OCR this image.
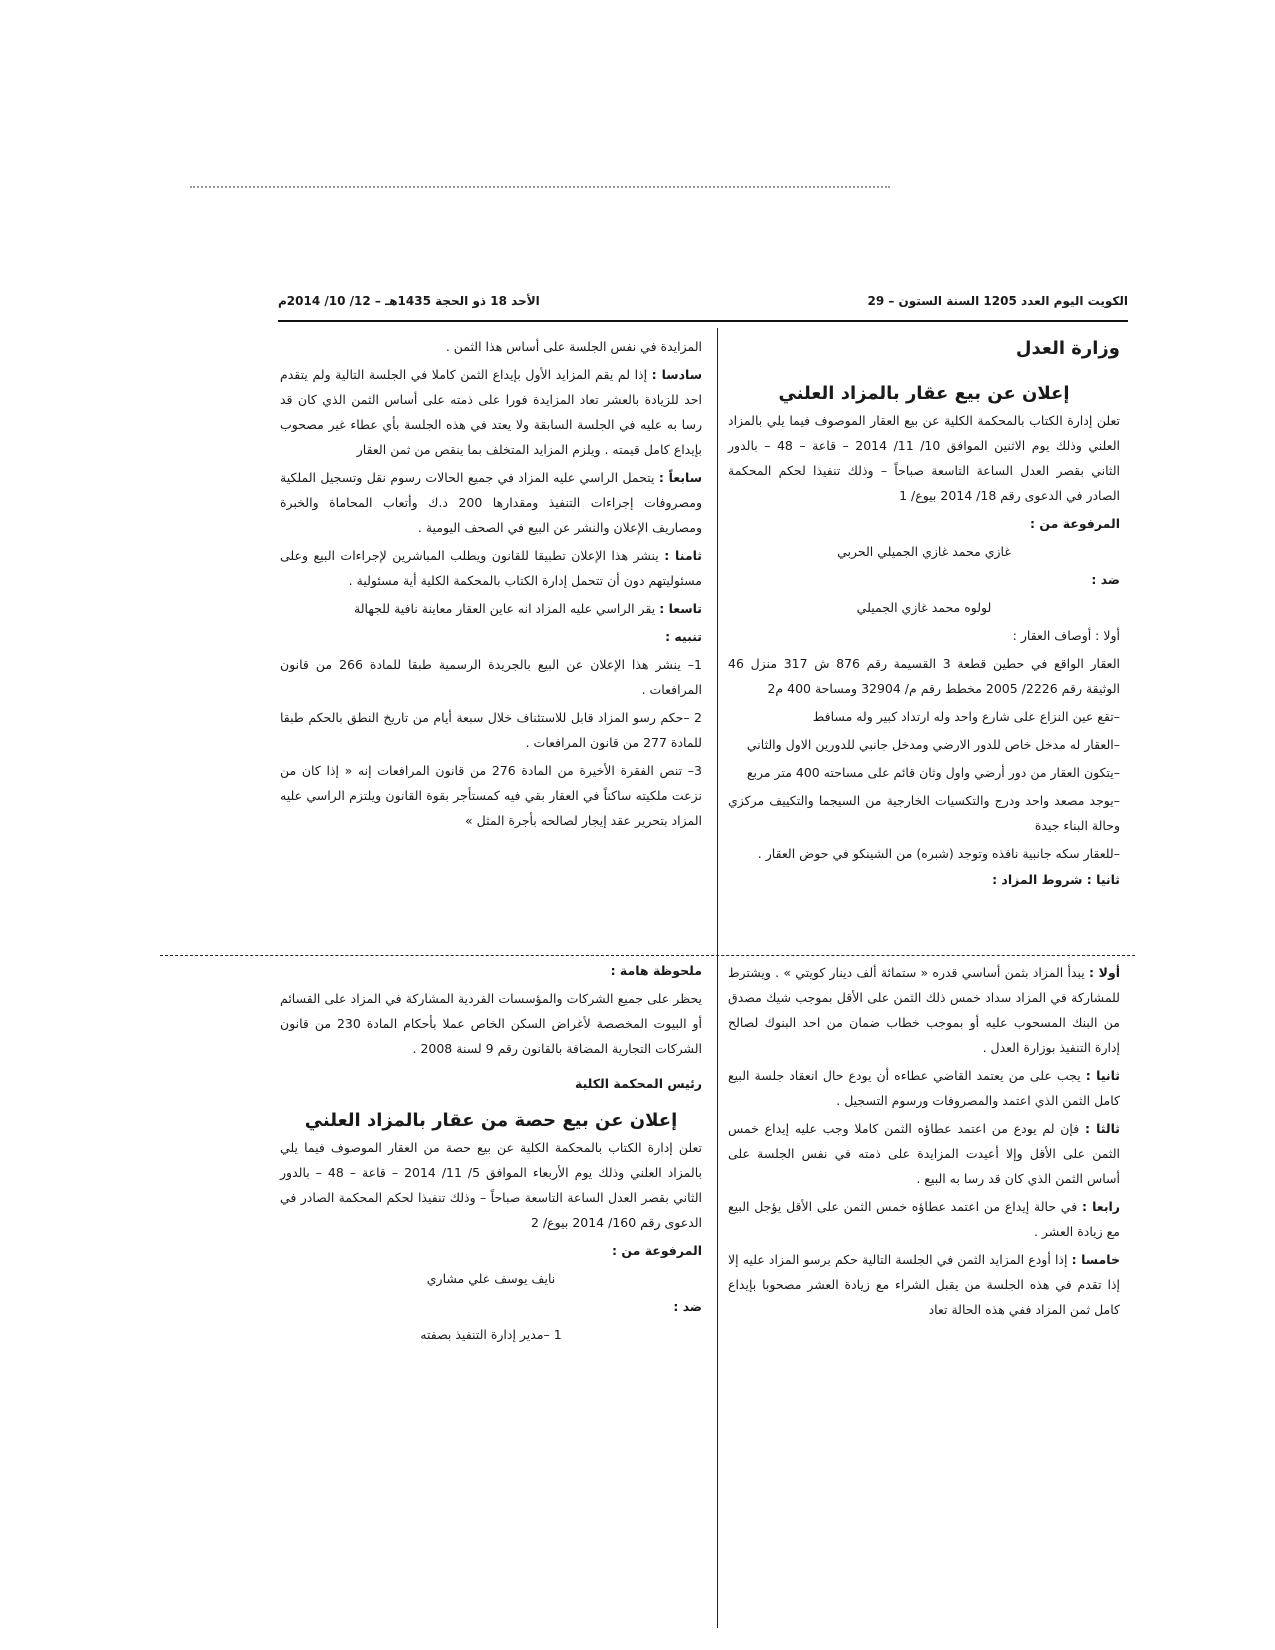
الكويت اليوم العدد 1205 السنة الستون – 29
الأحد 18 ذو الحجة 1435هـ – 12/ 10/ 2014م

وزارة العدل

إعلان عن بيع عقار بالمزاد العلني

تعلن إدارة الكتاب بالمحكمة الكلية عن بيع العقار الموصوف فيما يلي بالمزاد العلني وذلك يوم الاثنين الموافق 10/ 11/ 2014 – قاعة – 48 – بالدور الثاني بقصر العدل الساعة التاسعة صباحاً – وذلك تنفيذا لحكم المحكمة الصادر في الدعوى رقم 18/ 2014 بيوع/ 1

المرفوعة من :

غازي محمد غازي الجميلي الحربي

ضد :

لولوه محمد غازي الجميلي

أولا : أوصاف العقار :

العقار الواقع في حطين قطعة 3 القسيمة رقم 876 ش 317 منزل 46 الوثيقة رقم 2226/ 2005 مخطط رقم م/ 32904 ومساحة 400 م2

–تقع عين النزاع على شارع واحد وله ارتداد كبير وله مسافط

–العقار له مدخل خاص للدور الارضي ومدخل جانبي للدورين الاول والثاني

–يتكون العقار من دور أرضي واول وثان قائم على مساحته 400 متر مربع

–يوجد مصعد واحد ودرج والتكسيات الخارجية من السيجما والتكييف مركزي وحالة البناء جيدة

–للعقار سكه جانبية نافذه وتوجد (شبره) من الشينكو في حوض العقار .

ثانيا : شروط المزاد :

المزايدة في نفس الجلسة على أساس هذا الثمن .

سادسا : إذا لم يقم المزايد الأول بإيداع الثمن كاملا في الجلسة التالية ولم يتقدم احد للزيادة بالعشر تعاد المزايدة فورا على ذمته على أساس الثمن الذي كان قد رسا به عليه في الجلسة السابقة ولا يعتد في هذه الجلسة بأي عطاء غير مصحوب بإيداع كامل قيمته . ويلزم المزايد المتخلف بما ينقص من ثمن العقار

سابعاً : يتحمل الراسي عليه المزاد في جميع الحالات رسوم نقل وتسجيل الملكية ومصروفات إجراءات التنفيذ ومقدارها 200 د.ك وأتعاب المحاماة والخبرة ومصاريف الإعلان والنشر عن البيع في الصحف اليومية .

ثامنا : ينشر هذا الإعلان تطبيقا للقانون ويطلب المباشرين لإجراءات البيع وعلى مسئوليتهم دون أن تتحمل إدارة الكتاب بالمحكمة الكلية أية مسئولية .

تاسعا : يقر الراسي عليه المزاد انه عاين العقار معاينة نافية للجهالة

تنبيه :

1– ينشر هذا الإعلان عن البيع بالجريدة الرسمية طبقا للمادة 266 من قانون المرافعات .

2 –حكم رسو المزاد قابل للاستئناف خلال سبعة أيام من تاريخ النطق بالحكم طبقا للمادة 277 من قانون المرافعات .

3– تنص الفقرة الأخيرة من المادة 276 من قانون المرافعات إنه « إذا كان من نزعت ملكيته ساكناً في العقار بقي فيه كمستأجر بقوة القانون ويلتزم الراسي عليه المزاد بتحرير عقد إيجار لصالحه بأجرة المثل »

أولا : يبدأ المزاد بثمن أساسي قدره « ستمائة ألف دينار كويتي » . ويشترط للمشاركة في المزاد سداد خمس ذلك الثمن على الأقل بموجب شيك مصدق من البنك المسحوب عليه أو بموجب خطاب ضمان من احد البنوك لصالح إدارة التنفيذ بوزارة العدل .

ثانيا : يجب على من يعتمد القاضي عطاءه أن يودع حال انعقاد جلسة البيع كامل الثمن الذي اعتمد والمصروفات ورسوم التسجيل .

ثالثا : فإن لم يودع من اعتمد عطاؤه الثمن كاملا وجب عليه إيداع خمس الثمن على الأقل وإلا أعيدت المزايدة على ذمته في نفس الجلسة على أساس الثمن الذي كان قد رسا به البيع .

رابعا : في حالة إيداع من اعتمد عطاؤه خمس الثمن على الأقل يؤجل البيع مع زيادة العشر .

خامسا : إذا أودع المزايد الثمن في الجلسة التالية حكم برسو المزاد عليه إلا إذا تقدم في هذه الجلسة من يقبل الشراء مع زيادة العشر مصحوبا بإيداع كامل ثمن المزاد ففي هذه الحالة تعاد

ملحوظة هامة :

يحظر على جميع الشركات والمؤسسات الفردية المشاركة في المزاد على القسائم أو البيوت المخصصة لأغراض السكن الخاص عملا بأحكام المادة 230 من قانون الشركات التجارية المضافة بالقانون رقم 9 لسنة 2008 .

رئيس المحكمة الكلية

إعلان عن بيع حصة من عقار بالمزاد العلني

تعلن إدارة الكتاب بالمحكمة الكلية عن بيع حصة من العقار الموصوف فيما يلي بالمزاد العلني وذلك يوم الأربعاء الموافق 5/ 11/ 2014 – قاعة – 48 – بالدور الثاني بقصر العدل الساعة التاسعة صباحاً – وذلك تنفيذا لحكم المحكمة الصادر في الدعوى رقم 160/ 2014 بيوع/ 2

المرفوعة من :

نايف يوسف علي مشاري

ضد :

1 –مدير إدارة التنفيذ بصفته
